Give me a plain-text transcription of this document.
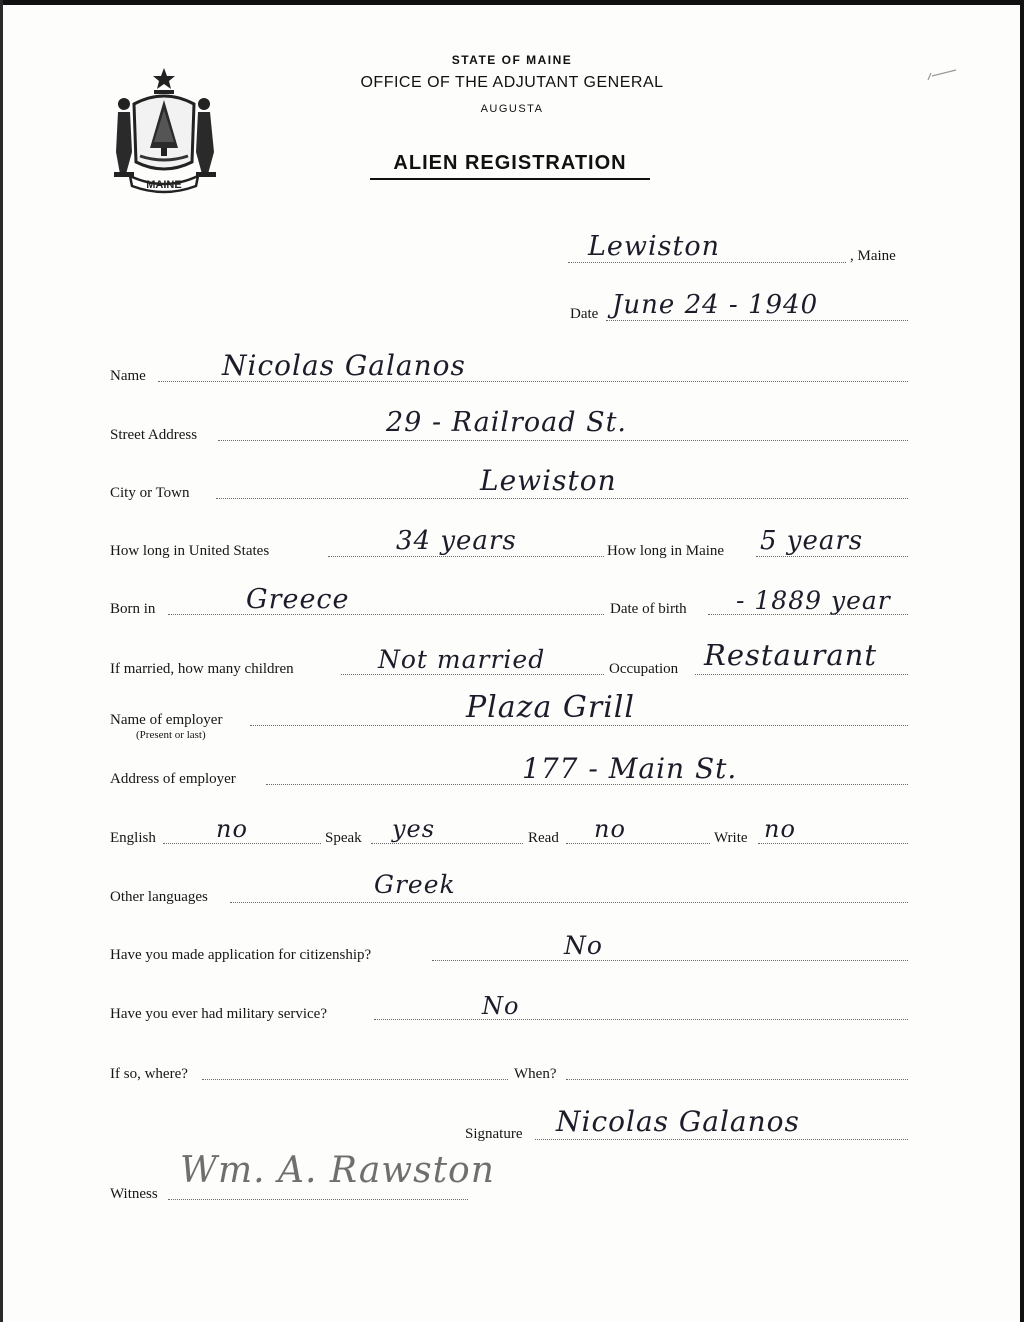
MAINE
STATE OF MAINE
OFFICE OF THE ADJUTANT GENERAL
AUGUSTA
ALIEN REGISTRATION
Lewiston	, Maine
Date June 24 - 1940
Name	Nicolas Galanos
Street Address	29 - Railroad St.
City or Town	Lewiston
How long in United States	34 years	How long in Maine 5 years
Born in	Greece	Date of birth - 1889 year
If married, how many children	Not married	Occupation Restaurant
Name of employer
(Present or last)
Plaza Grill
Address of employer	177 - Main St.
English	no	Speak yes	Read no	Write no
Other languages	Greek
Have you made application for citizenship?	No
Have you ever had military service?	No
If so, where?	When?
Signature Nicolas Galanos
Witness
Wm. A. Rawston
